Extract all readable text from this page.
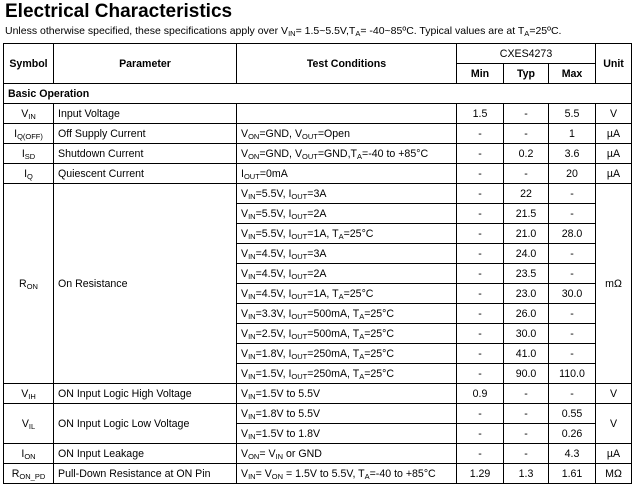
Electrical Characteristics
Unless otherwise specified, these specifications apply over $V_{IN}=$ $1.5\sim 5.5V,T_A=$ -40~85ºC. Typical values are at $T_A=25ºC$.
Symbol	Parameter	Test Conditions	CXES4273			Unit
			Min	Typ	Max	
Basic Operation						
$V_{IN}$	Input Voltage		1.5	-	5.5	V
$I_{Q(OFF)}$	Off Supply Current	$V_{ON}=GND$, $V_{OUT}=Open$	-	-	1	µA
$I_{SD}$	Shutdown Current	$V_{ON}=GND$, $V_{OUT}=GND,T_A=-40$ to +85°C	-	0.2	3.6	µA
$I_Q$	Quiescent Current	$I_{OUT}=0mA$	-	-	20	µA
$R_{ON}$	On Resistance	$V_{IN}=5.5V$, $I_{OUT}=3A$	-	22	-	mΩ
		$V_{IN}=5.5V$, $I_{OUT}=2A$	-	21.5	-	
		$V_{IN}=5.5V$, $I_{OUT}=1A$, $T_A=25^\circ C$	-	21.0	28.0	
		$V_{IN}=4.5V$, $I_{OUT}=3A$	-	24.0	-	
		$V_{IN}=4.5V$, $I_{OUT}=2A$	-	23.5	-	
		$V_{IN}=4.5V$, $I_{OUT}=1A$, $T_A=25^\circ C$	-	23.0	30.0	
		$V_{IN}=3.3V$, $I_{OUT}=500mA$, $T_A=25^\circ C$	-	26.0	-	
		$V_{IN}=2.5V$, $I_{OUT}=500mA$, $T_A=25^\circ C$	-	30.0	-	
		$V_{IN}=1.8V$, $I_{OUT}=250mA$, $T_A=25^\circ C$	-	41.0	-	
		$V_{IN}=1.5V$, $I_{OUT}=250mA$, $T_A=25^\circ C$	-	90.0	110.0	
$V_{IH}$	ON Input Logic High Voltage	$V_{IN}=1.5V$ to 5.5V	0.9	-	-	V
$V_{IL}$	ON Input Logic Low Voltage	$V_{IN}=1.8V$ to 5.5V	-	-	0.55	V
		$V_{IN}=1.5V$ to 1.8V	-	-	0.26	
$I_{ON}$	ON Input Leakage	$V_{ON}= V_{IN}$ or GND	-	-	4.3	µA
$R_{ON\_PD}$	Pull-Down Resistance at ON Pin	$V_{IN}= V_{ON} = 1.5V$ to 5.5V, $T_A=-40$ to +85°C	1.29	1.3	1.61	MΩ
